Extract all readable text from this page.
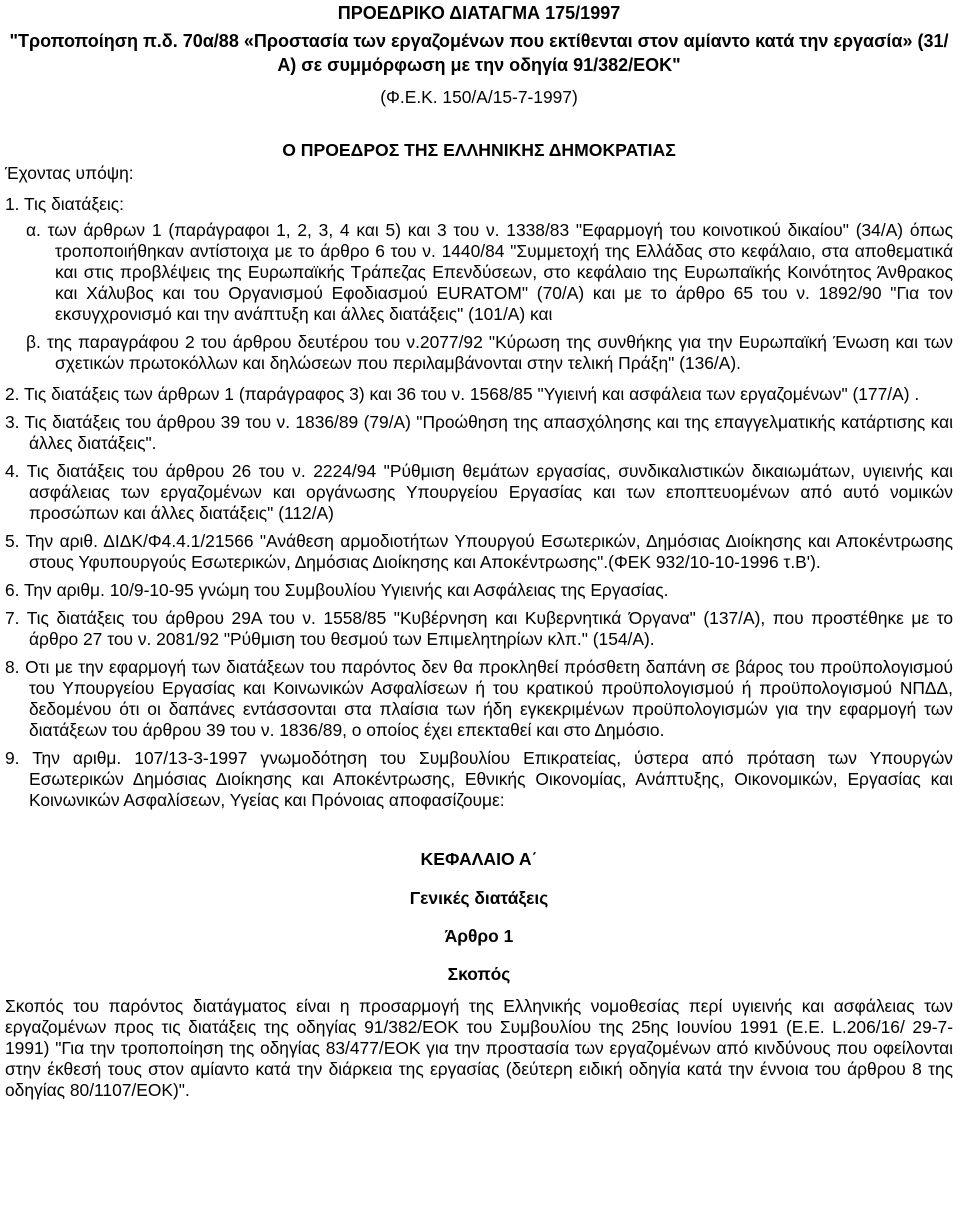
ΠΡΟΕΔΡΙΚΟ ΔΙΑΤΑΓΜΑ 175/1997
"Τροποποίηση π.δ. 70α/88 «Προστασία των εργαζομένων που εκτίθενται στον αμίαντο κατά την εργασία» (31/Α) σε συμμόρφωση με την οδηγία 91/382/ΕΟΚ"
(Φ.Ε.Κ. 150/Α/15-7-1997)
Ο ΠΡΟΕΔΡΟΣ ΤΗΣ ΕΛΛΗΝΙΚΗΣ ΔΗΜΟΚΡΑΤΙΑΣ
Έχοντας υπόψη:
1. Τις διατάξεις:
α. των άρθρων 1 (παράγραφοι 1, 2, 3, 4 και 5) και 3 του ν. 1338/83 "Εφαρμογή του κοινοτικού δικαίου" (34/Α) όπως τροποποιήθηκαν αντίστοιχα με το άρθρο 6 του ν. 1440/84 "Συμμετοχή της Ελλάδας στο κεφάλαιο, στα αποθεματικά και στις προβλέψεις της Ευρωπαϊκής Τράπεζας Επενδύσεων, στο κεφάλαιο της Ευρωπαϊκής Κοινότητος Άνθρακος και Χάλυβος και του Οργανισμού Εφοδιασμού EURATOM" (70/Α) και με το άρθρο 65 του ν. 1892/90 "Για τον εκσυγχρονισμό και την ανάπτυξη και άλλες διατάξεις" (101/Α) και
β. της παραγράφου 2 του άρθρου δευτέρου του ν.2077/92 "Κύρωση της συνθήκης για την Ευρωπαϊκή Ένωση και των σχετικών πρωτοκόλλων και δηλώσεων που περιλαμβάνονται στην τελική Πράξη" (136/Α).
2. Τις διατάξεις των άρθρων 1 (παράγραφος 3) και 36 του ν. 1568/85 "Υγιεινή και ασφάλεια των εργαζομένων" (177/Α) .
3. Τις διατάξεις του άρθρου 39 του ν. 1836/89 (79/Α) "Προώθηση της απασχόλησης και της επαγγελματικής κατάρτισης και άλλες διατάξεις".
4. Τις διατάξεις του άρθρου 26 του ν. 2224/94 "Ρύθμιση θεμάτων εργασίας, συνδικαλιστικών δικαιωμάτων, υγιεινής και ασφάλειας των εργαζομένων και οργάνωσης Υπουργείου Εργασίας και των εποπτευομένων από αυτό νομικών προσώπων και άλλες διατάξεις" (112/Α)
5. Την αριθ. ΔΙΔΚ/Φ4.4.1/21566 "Ανάθεση αρμοδιοτήτων Υπουργού Εσωτερικών, Δημόσιας Διοίκησης και Αποκέντρωσης στους Υφυπουργούς Εσωτερικών, Δημόσιας Διοίκησης και Αποκέντρωσης".(ΦΕΚ 932/10-10-1996 τ.Β').
6. Την αριθμ. 10/9-10-95 γνώμη του Συμβουλίου Υγιεινής και Ασφάλειας της Εργασίας.
7. Τις διατάξεις του άρθρου 29Α του ν. 1558/85 "Κυβέρνηση και Κυβερνητικά Όργανα" (137/Α), που προστέθηκε με το άρθρο 27 του ν. 2081/92 "Ρύθμιση του θεσμού των Επιμελητηρίων κλπ." (154/Α).
8. Οτι με την εφαρμογή των διατάξεων του παρόντος δεν θα προκληθεί πρόσθετη δαπάνη σε βάρος του προϋπολογισμού του Υπουργείου Εργασίας και Κοινωνικών Ασφαλίσεων ή του κρατικού προϋπολογισμού ή προϋπολογισμού ΝΠΔΔ, δεδομένου ότι οι δαπάνες εντάσσονται στα πλαίσια των ήδη εγκεκριμένων προϋπολογισμών για την εφαρμογή των διατάξεων του άρθρου 39 του ν. 1836/89, ο οποίος έχει επεκταθεί και στο Δημόσιο.
9. Την αριθμ. 107/13-3-1997 γνωμοδότηση του Συμβουλίου Επικρατείας, ύστερα από πρόταση των Υπουργών Εσωτερικών Δημόσιας Διοίκησης και Αποκέντρωσης, Εθνικής Οικονομίας, Ανάπτυξης, Οικονομικών, Εργασίας και Κοινωνικών Ασφαλίσεων, Υγείας και Πρόνοιας αποφασίζουμε:
ΚΕΦΑΛΑΙΟ Α΄
Γενικές διατάξεις
Άρθρο 1
Σκοπός
Σκοπός του παρόντος διατάγματος είναι η προσαρμογή της Ελληνικής νομοθεσίας περί υγιεινής και ασφάλειας των εργαζομένων προς τις διατάξεις της οδηγίας 91/382/ΕΟΚ του Συμβουλίου της 25ης Ιουνίου 1991 (Ε.Ε. L.206/16/ 29-7-1991) "Για την τροποποίηση της οδηγίας 83/477/ΕΟΚ για την προστασία των εργαζομένων από κινδύνους που οφείλονται στην έκθεσή τους στον αμίαντο κατά την διάρκεια της εργασίας (δεύτερη ειδική οδηγία κατά την έννοια του άρθρου 8 της οδηγίας 80/1107/ΕΟΚ)".
